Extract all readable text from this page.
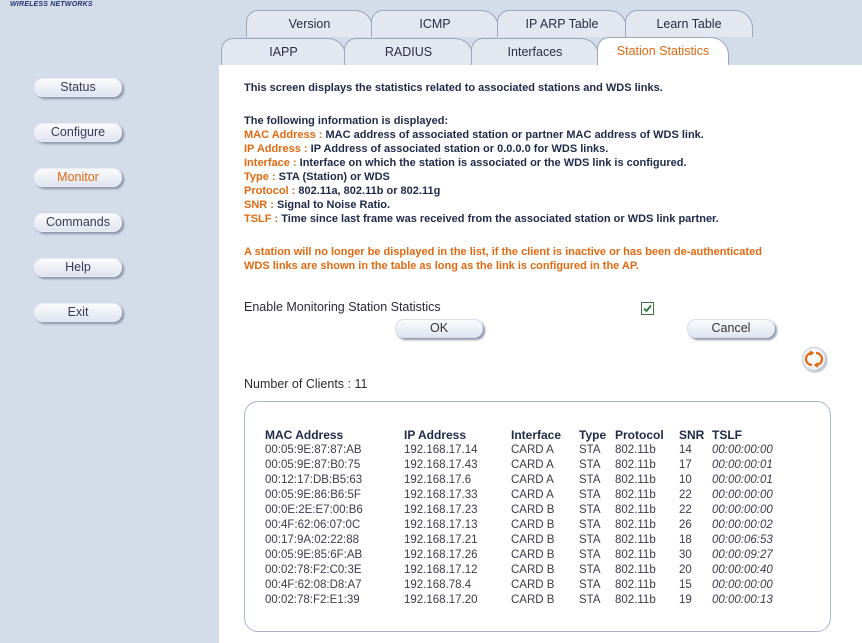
WIRELESS NETWORKS
Status
Configure
Monitor
Commands
Help
Exit
Version	ICMP	IP ARP Table	Learn Table
IAPP	RADIUS	Interfaces	Station Statistics
This screen displays the statistics related to associated stations and WDS links.
The following information is displayed:
MAC Address : MAC address of associated station or partner MAC address of WDS link.
IP Address : IP Address of associated station or 0.0.0.0 for WDS links.
Interface : Interface on which the station is associated or the WDS link is configured.
Type : STA (Station) or WDS
Protocol : 802.11a, 802.11b or 802.11g
SNR : Signal to Noise Ratio.
TSLF : Time since last frame was received from the associated station or WDS link partner.
A station will no longer be displayed in the list, if the client is inactive or has been de-authenticated
WDS links are shown in the table as long as the link is configured in the AP.
Enable Monitoring Station Statistics
OK	Cancel
Number of Clients : 11
MAC Address	IP Address	Interface	Type	Protocol	SNR	TSLF
00:05:9E:87:87:AB	192.168.17.14	CARD A	STA	802.11b	14	00:00:00:00
00:05:9E:87:B0:75	192.168.17.43	CARD A	STA	802.11b	17	00:00:00:01
00:12:17:DB:B5:63	192.168.17.6	CARD A	STA	802.11b	10	00:00:00:01
00:05:9E:86:B6:5F	192.168.17.33	CARD A	STA	802.11b	22	00:00:00:00
00:0E:2E:E7:00:B6	192.168.17.23	CARD B	STA	802.11b	22	00:00:00:00
00:4F:62:06:07:0C	192.168.17.13	CARD B	STA	802.11b	26	00:00:00:02
00:17:9A:02:22:88	192.168.17.21	CARD B	STA	802.11b	18	00:00:06:53
00:05:9E:85:6F:AB	192.168.17.26	CARD B	STA	802.11b	30	00:00:09:27
00:02:78:F2:C0:3E	192.168.17.12	CARD B	STA	802.11b	20	00:00:00:40
00:4F:62:08:D8:A7	192.168.78.4	CARD B	STA	802.11b	15	00:00:00:00
00:02:78:F2:E1:39	192.168.17.20	CARD B	STA	802.11b	19	00:00:00:13
